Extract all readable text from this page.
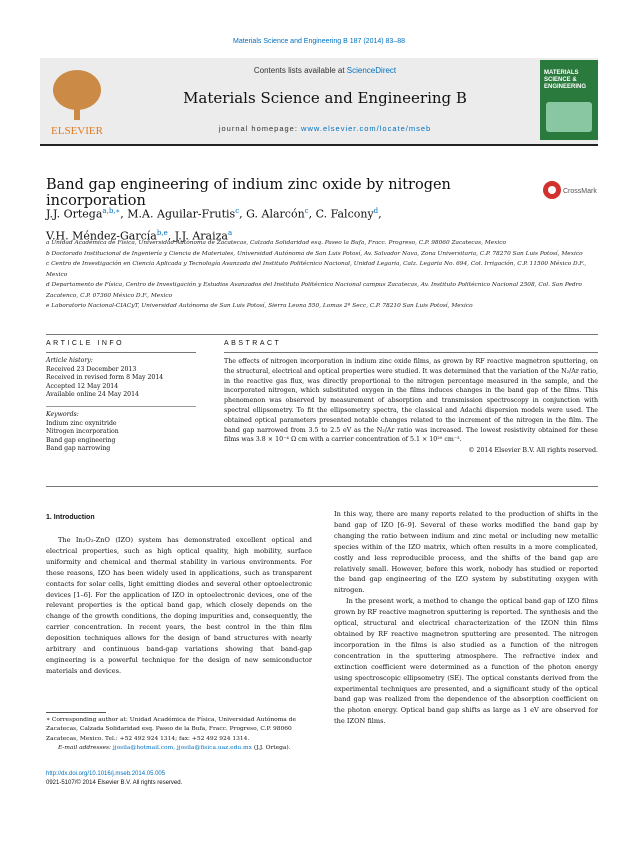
Materials Science and Engineering B 187 (2014) 83–88
ELSEVIER
Contents lists available at ScienceDirect
Materials Science and Engineering B
journal homepage: www.elsevier.com/locate/mseb
MATERIALS SCIENCE & ENGINEERING
Band gap engineering of indium zinc oxide by nitrogen incorporation
CrossMark
J.J. Ortega$^{a,b,∗}$, M.A. Aguilar-Frutis$^c$, G. Alarcón$^c$, C. Falcony$^d$,
V.H. Méndez-García$^{b,e}$, J.J. Araiza$^a$
a Unidad Académica de Física, Universidad Autónoma de Zacatecas, Calzada Solidaridad esq. Paseo la Bufa, Fracc. Progreso, C.P. 98060 Zacatecas, Mexico
b Doctorado Institucional de Ingeniería y Ciencia de Materiales, Universidad Autónoma de San Luis Potosí, Av. Salvador Nava, Zona Universitaria, C.P. 78270 San Luis Potosí, Mexico
c Centro de Investigación en Ciencia Aplicada y Tecnología Avanzada del Instituto Politécnico Nacional, Unidad Legaria, Calz. Legaria No. 694, Col. Irrigación, C.P. 11500 México D.F., Mexico
d Departamento de Física, Centro de Investigación y Estudios Avanzados del Instituto Politécnico Nacional campus Zacatecas, Av. Instituto Politécnico Nacional 2508, Col. San Pedro Zacatenco, C.P. 07360 México D.F., Mexico
e Laboratorio Nacional-CIACyT, Universidad Autónoma de San Luis Potosí, Sierra Leona 550, Lomas 2ª Secc, C.P. 78210 San Luis Potosí, Mexico
ARTICLE INFO	ABSTRACT
Article history:
Received 23 December 2013
Received in revised form 8 May 2014
Accepted 12 May 2014
Available online 24 May 2014
Keywords:
Indium zinc oxynitride
Nitrogen incorporation
Band gap engineering
Band gap narrowing
The effects of nitrogen incorporation in indium zinc oxide films, as grown by RF reactive magnetron sputtering, on the structural, electrical and optical properties were studied. It was determined that the variation of the N₂/Ar ratio, in the reactive gas flux, was directly proportional to the nitrogen percentage measured in the sample, and the incorporated nitrogen, which substituted oxygen in the films induces changes in the band gap of the films. This phenomenon was observed by measurement of absorption and transmission spectroscopy in conjunction with spectral ellipsometry. To fit the ellipsometry spectra, the classical and Adachi dispersion models were used. The obtained optical parameters presented notable changes related to the increment of the nitrogen in the film. The band gap narrowed from 3.5 to 2.5 eV as the N₂/Ar ratio was increased. The lowest resistivity obtained for these films was 3.8 × 10⁻⁴ Ω cm with a carrier concentration of 5.1 × 10²⁰ cm⁻³.
© 2014 Elsevier B.V. All rights reserved.
1. Introduction

The In₂O₃-ZnO (IZO) system has demonstrated excellent optical and electrical properties, such as high optical quality, high mobility, surface uniformity and chemical and thermal stability in various environments. For these reasons, IZO has been widely used in applications, such as transparent contacts for solar cells, light emitting diodes and several other optoelectronic devices [1–6]. For the application of IZO in optoelectronic devices, one of the relevant properties is the optical band gap, which closely depends on the change of the growth conditions, the doping impurities and, consequently, the carrier concentration. In recent years, the best control in the thin film deposition techniques allows for the design of band structures with nearly arbitrary and continuous band-gap variations showing that band-gap engineering is a powerful technique for the design of new semiconductor materials and devices.

In this way, there are many reports related to the production of shifts in the band gap of IZO [6–9]. Several of these works modified the band gap by changing the ratio between indium and zinc metal or including new metallic species within of the IZO matrix, which often results in a more complicated, costly and less reproducible process, and the shifts of the band gap are relatively small. However, before this work, nobody has studied or reported the band gap engineering of the IZO system by substituting oxygen with nitrogen.

In the present work, a method to change the optical band gap of IZO films grown by RF reactive magnetron sputtering is reported. The synthesis and the optical, structural and electrical characterization of the IZON thin films obtained by RF reactive magnetron sputtering are presented. The nitrogen incorporation in the films is also studied as a function of the nitrogen concentration in the sputtering atmosphere. The refractive index and extinction coefficient were determined as a function of the photon energy using spectroscopic ellipsometry (SE). The optical constants derived from the experimental techniques are presented, and a significant study of the optical band gap was realized from the dependence of the absorption coefficient on the photon energy. Optical band gap shifts as large as 1 eV are observed for the IZON films.

∗ Corresponding author at: Unidad Académica de Física, Universidad Autónoma de Zacatecas, Calzada Solidaridad esq. Paseo de la Bufa, Fracc. Progreso, C.P. 98060 Zacatecas, Mexico. Tel.: +52 492 924 1314; fax: +52 492 924 1314.
E-mail addresses: jjosila@hotmail.com, jjosila@fisica.uaz.edu.mx (J.J. Ortega).
http://dx.doi.org/10.1016/j.mseb.2014.05.005
0921-5107/© 2014 Elsevier B.V. All rights reserved.
